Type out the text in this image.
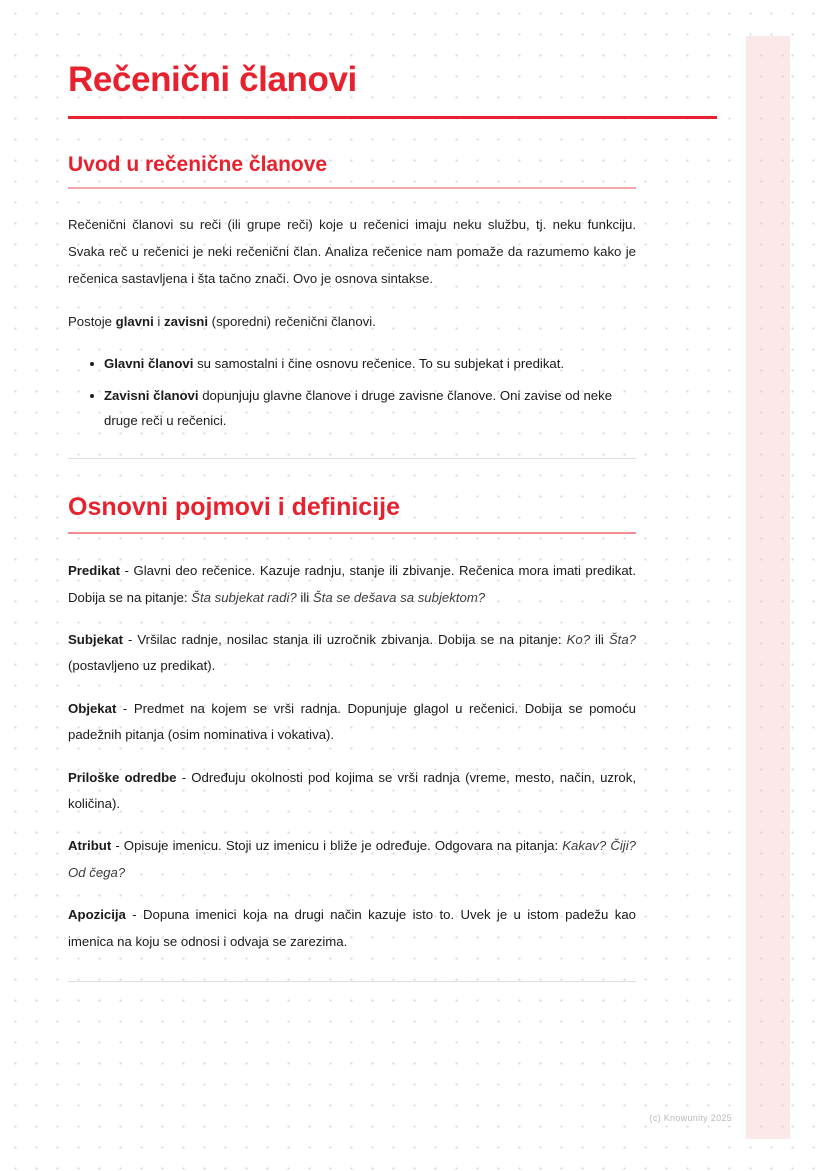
Rečenični članovi
Uvod u rečenične članove

Rečenični članovi su reči (ili grupe reči) koje u rečenici imaju neku službu, tj. neku funkciju. Svaka reč u rečenici je neki rečenični član. Analiza rečenice nam pomaže da razumemo kako je rečenica sastavljena i šta tačno znači. Ovo je osnova sintakse.

Postoje glavni i zavisni (sporedni) rečenični članovi.

Glavni članovi su samostalni i čine osnovu rečenice. To su subjekat i predikat.
Zavisni članovi dopunjuju glavne članove i druge zavisne članove. Oni zavise od neke druge reči u rečenici.
Osnovni pojmovi i definicije

Predikat - Glavni deo rečenice. Kazuje radnju, stanje ili zbivanje. Rečenica mora imati predikat. Dobija se na pitanje: Šta subjekat radi? ili Šta se dešava sa subjektom?

Subjekat - Vršilac radnje, nosilac stanja ili uzročnik zbivanja. Dobija se na pitanje: Ko? ili Šta? (postavljeno uz predikat).

Objekat - Predmet na kojem se vrši radnja. Dopunjuje glagol u rečenici. Dobija se pomoću padežnih pitanja (osim nominativa i vokativa).

Priloške odredbe - Određuju okolnosti pod kojima se vrši radnja (vreme, mesto, način, uzrok, količina).

Atribut - Opisuje imenicu. Stoji uz imenicu i bliže je određuje. Odgovara na pitanja: Kakav? Čiji? Od čega?

Apozicija - Dopuna imenici koja na drugi način kazuje isto to. Uvek je u istom padežu kao imenica na koju se odnosi i odvaja se zarezima.

(c) Knowunity 2025
